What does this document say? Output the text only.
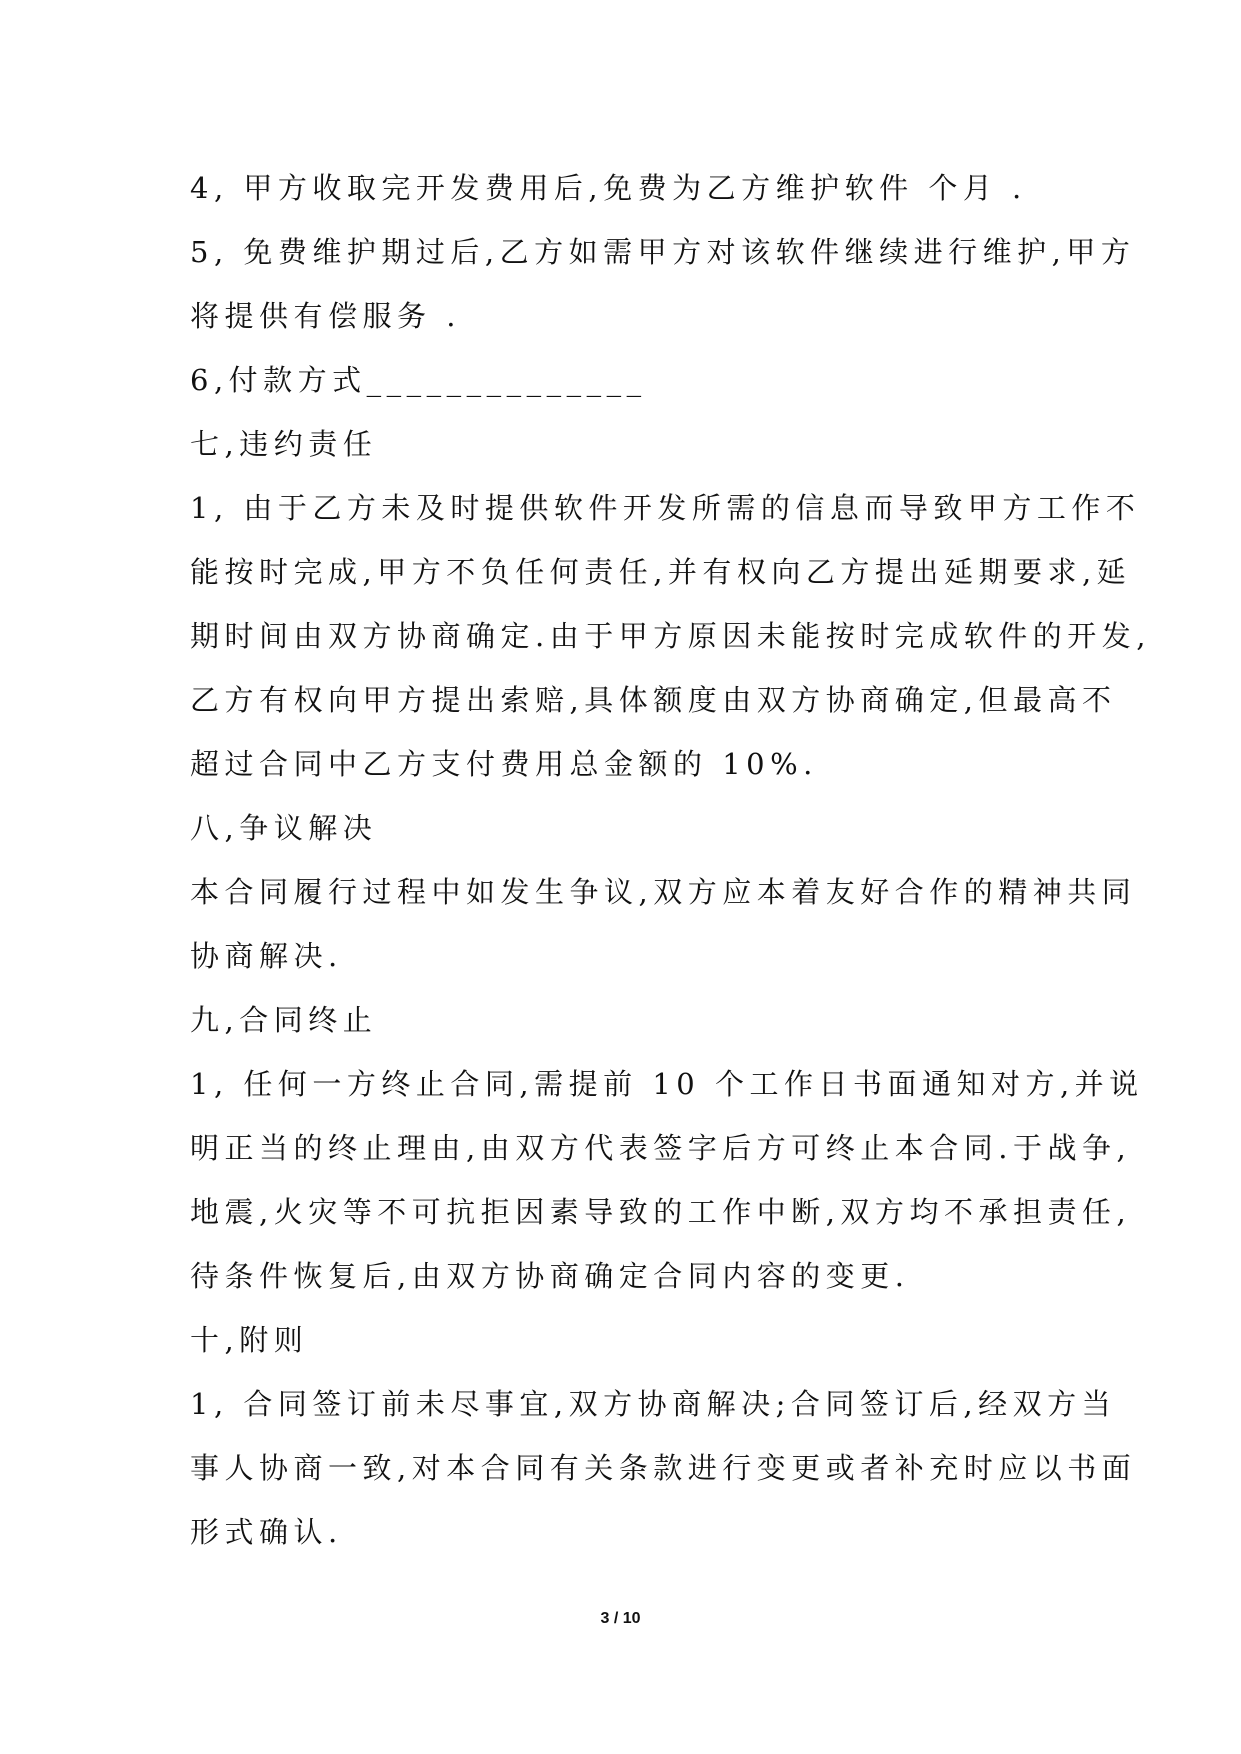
4, 甲方收取完开发费用后,免费为乙方维护软件 个月 .
5, 免费维护期过后,乙方如需甲方对该软件继续进行维护,甲方
将提供有偿服务 .
6,付款方式______________
七,违约责任
1, 由于乙方未及时提供软件开发所需的信息而导致甲方工作不
能按时完成,甲方不负任何责任,并有权向乙方提出延期要求,延
期时间由双方协商确定.由于甲方原因未能按时完成软件的开发,
乙方有权向甲方提出索赔,具体额度由双方协商确定,但最高不
超过合同中乙方支付费用总金额的 10%.
八,争议解决
本合同履行过程中如发生争议,双方应本着友好合作的精神共同
协商解决.
九,合同终止
1, 任何一方终止合同,需提前 10 个工作日书面通知对方,并说
明正当的终止理由,由双方代表签字后方可终止本合同.于战争,
地震,火灾等不可抗拒因素导致的工作中断,双方均不承担责任,
待条件恢复后,由双方协商确定合同内容的变更.
十,附则
1, 合同签订前未尽事宜,双方协商解决;合同签订后,经双方当
事人协商一致,对本合同有关条款进行变更或者补充时应以书面
形式确认.
3 / 10
